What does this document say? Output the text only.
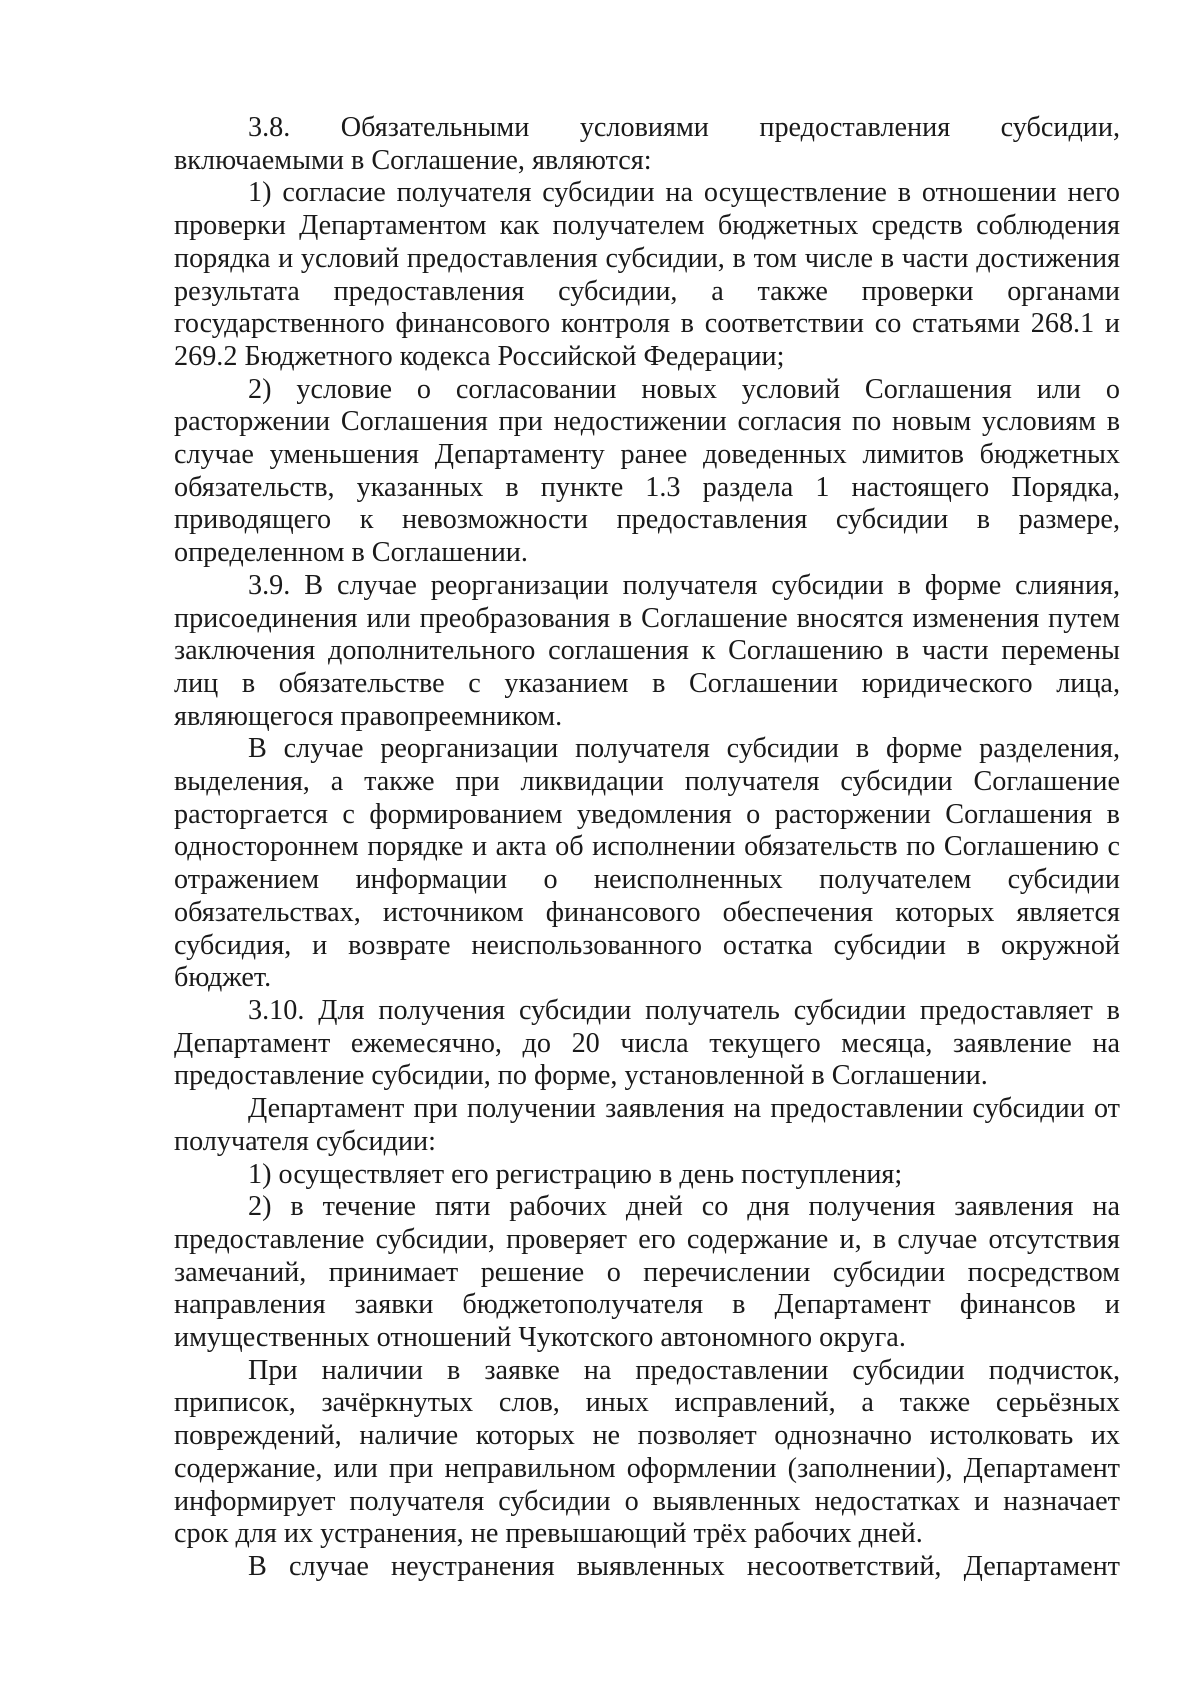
3.8. Обязательными условиями предоставления субсидии, включаемыми в Соглашение, являются:

1) согласие получателя субсидии на осуществление в отношении него проверки Департаментом как получателем бюджетных средств соблюдения порядка и условий предоставления субсидии, в том числе в части достижения результата предоставления субсидии, а также проверки органами государственного финансового контроля в соответствии со статьями 268.1 и 269.2 Бюджетного кодекса Российской Федерации;

2) условие о согласовании новых условий Соглашения или о расторжении Соглашения при недостижении согласия по новым условиям в случае уменьшения Департаменту ранее доведенных лимитов бюджетных обязательств, указанных в пункте 1.3 раздела 1 настоящего Порядка, приводящего к невозможности предоставления субсидии в размере, определенном в Соглашении.

3.9. В случае реорганизации получателя субсидии в форме слияния, присоединения или преобразования в Соглашение вносятся изменения путем заключения дополнительного соглашения к Соглашению в части перемены лиц в обязательстве с указанием в Соглашении юридического лица, являющегося правопреемником.

В случае реорганизации получателя субсидии в форме разделения, выделения, а также при ликвидации получателя субсидии Соглашение расторгается с формированием уведомления о расторжении Соглашения в одностороннем порядке и акта об исполнении обязательств по Соглашению с отражением информации о неисполненных получателем субсидии обязательствах, источником финансового обеспечения которых является субсидия, и возврате неиспользованного остатка субсидии в окружной бюджет.

3.10. Для получения субсидии получатель субсидии предоставляет в Департамент ежемесячно, до 20 числа текущего месяца, заявление на предоставление субсидии, по форме, установленной в Соглашении.

Департамент при получении заявления на предоставлении субсидии от получателя субсидии:

1) осуществляет его регистрацию в день поступления;

2) в течение пяти рабочих дней со дня получения заявления на предоставление субсидии, проверяет его содержание и, в случае отсутствия замечаний, принимает решение о перечислении субсидии посредством направления заявки бюджетополучателя в Департамент финансов и имущественных отношений Чукотского автономного округа.

При наличии в заявке на предоставлении субсидии подчисток, приписок, зачёркнутых слов, иных исправлений, а также серьёзных повреждений, наличие которых не позволяет однозначно истолковать их содержание, или при неправильном оформлении (заполнении), Департамент информирует получателя субсидии о выявленных недостатках и назначает срок для их устранения, не превышающий трёх рабочих дней.

В случае неустранения выявленных несоответствий, Департамент
